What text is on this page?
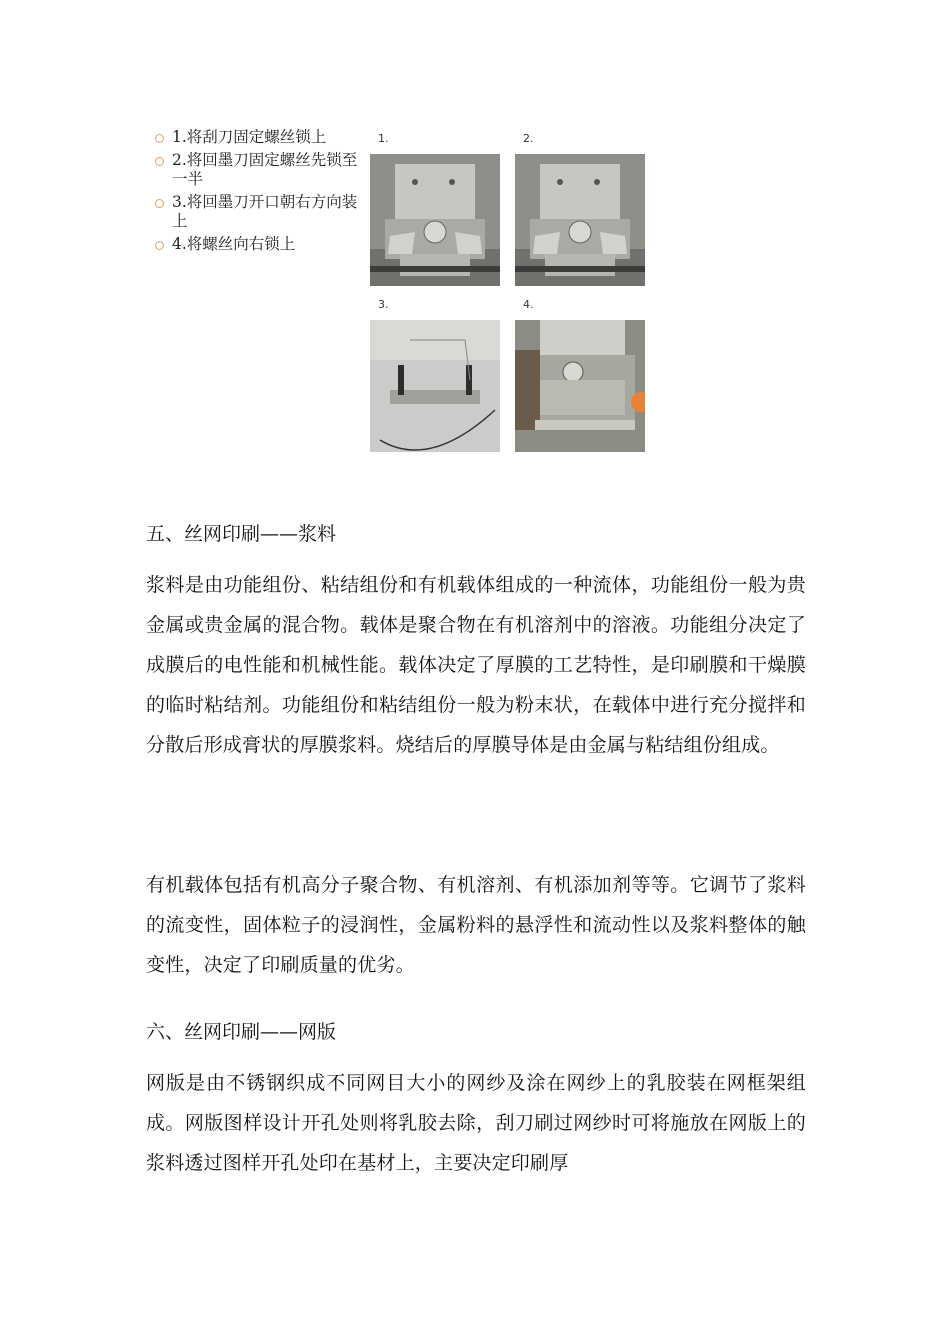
1.将刮刀固定螺丝锁上
2.将回墨刀固定螺丝先锁至一半
3.将回墨刀开口朝右方向装上
4.将螺丝向右锁上
1.	2.
3.	4.
五、丝网印刷——浆料

浆料是由功能组份、粘结组份和有机载体组成的一种流体，功能组份一般为贵金属或贵金属的混合物。载体是聚合物在有机溶剂中的溶液。功能组分决定了成膜后的电性能和机械性能。载体决定了厚膜的工艺特性，是印刷膜和干燥膜的临时粘结剂。功能组份和粘结组份一般为粉末状，在载体中进行充分搅拌和分散后形成膏状的厚膜浆料。烧结后的厚膜导体是由金属与粘结组份组成。

有机载体包括有机高分子聚合物、有机溶剂、有机添加剂等等。它调节了浆料的流变性，固体粒子的浸润性，金属粉料的悬浮性和流动性以及浆料整体的触变性，决定了印刷质量的优劣。

六、丝网印刷——网版

网版是由不锈钢织成不同网目大小的网纱及涂在网纱上的乳胶装在网框架组成。网版图样设计开孔处则将乳胶去除，刮刀刷过网纱时可将施放在网版上的浆料透过图样开孔处印在基材上，主要决定印刷厚
